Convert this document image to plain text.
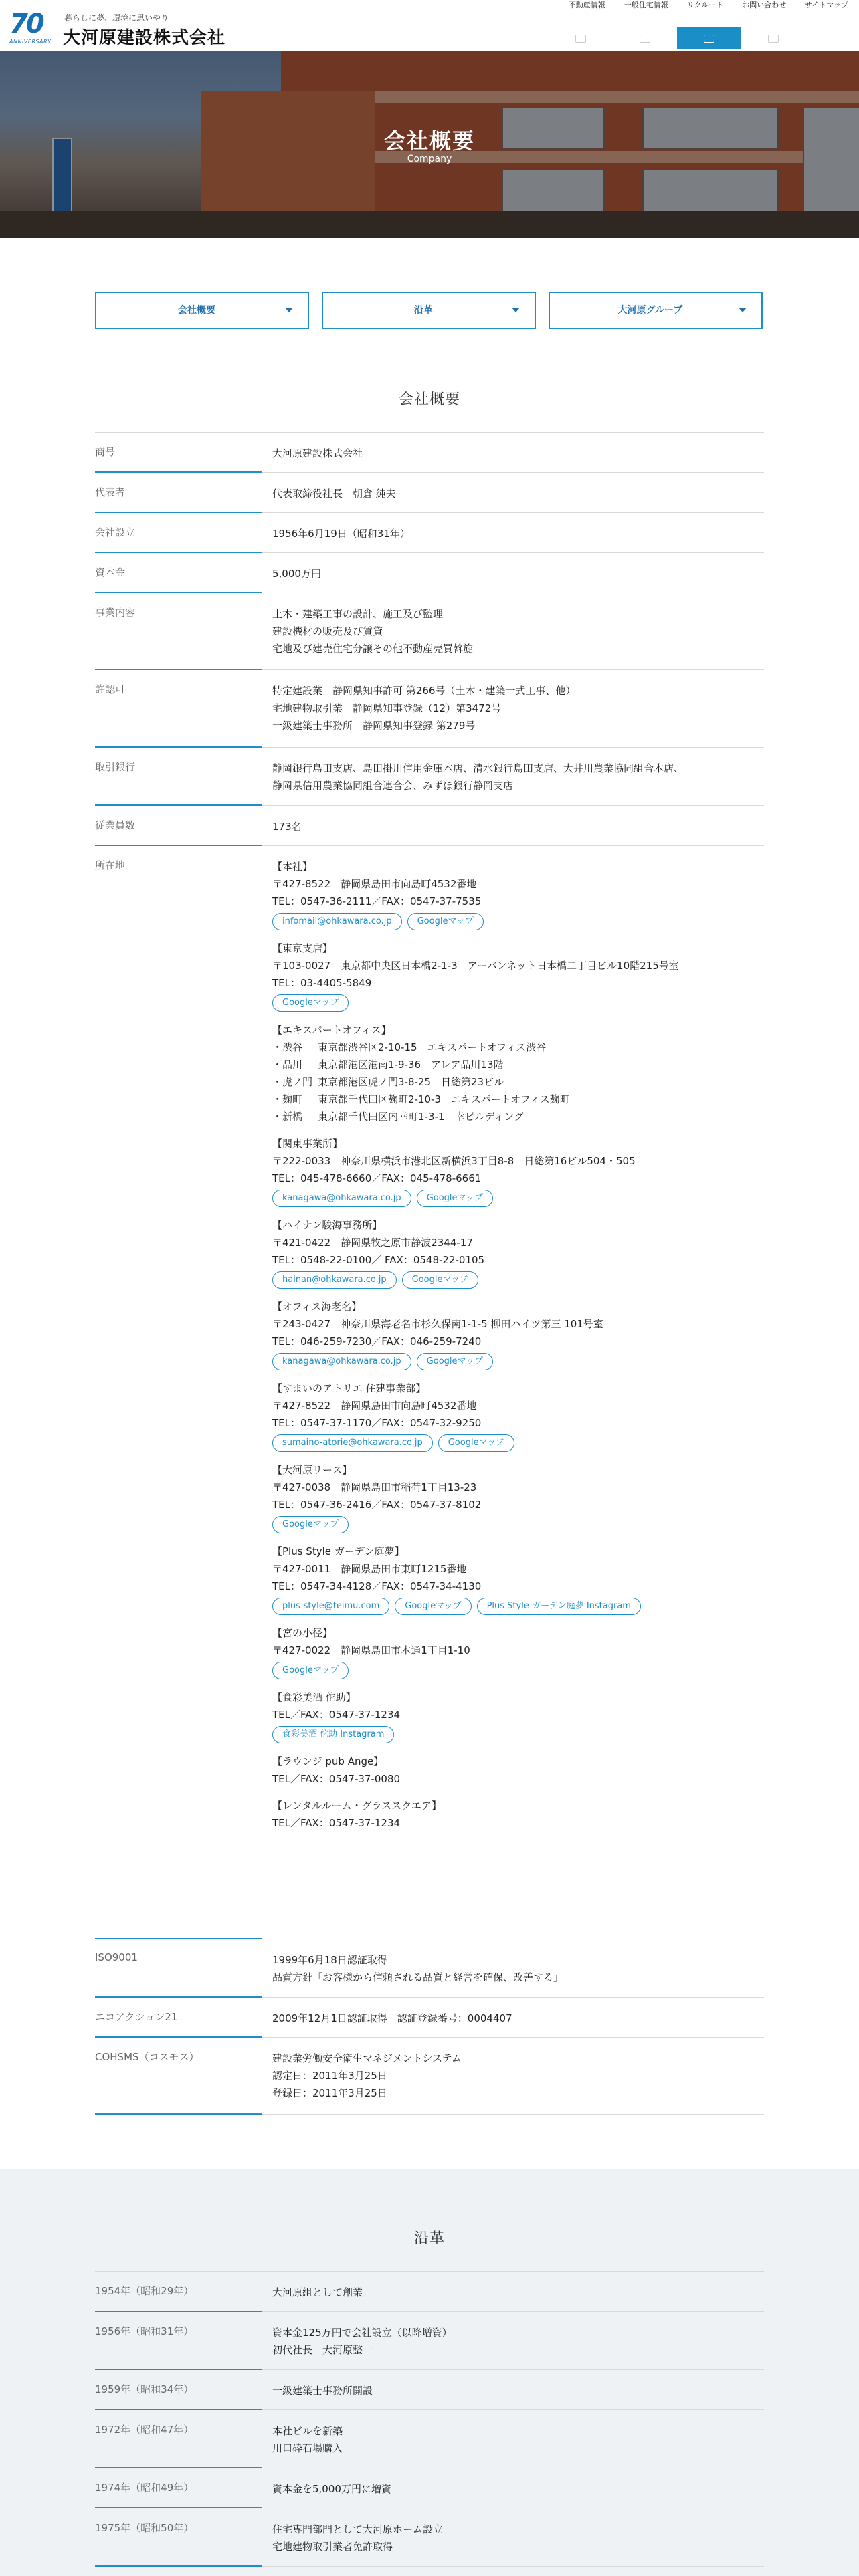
70
ANNIVERSARY
暮らしに夢、環境に思いやり
大河原建設株式会社
不動産情報	一般住宅情報	リクルート	お問い合わせ	サイトマップ
会社概要
Company
会社概要	沿革	大河原グループ
会社概要
商号	大河原建設株式会社
代表者	代表取締役社長　朝倉 純夫
会社設立	1956年6月19日（昭和31年）
資本金	5,000万円
事業内容	土木・建築工事の設計、施工及び監理
建設機材の販売及び賃貸
宅地及び建売住宅分譲その他不動産売買斡旋
許認可	特定建設業　静岡県知事許可 第266号（土木・建築一式工事、他）
宅地建物取引業　静岡県知事登録（12）第3472号
一級建築士事務所　静岡県知事登録 第279号
取引銀行	静岡銀行島田支店、島田掛川信用金庫本店、清水銀行島田支店、大井川農業協同組合本店、
静岡県信用農業協同組合連合会、みずほ銀行静岡支店
従業員数	173名
所在地	【本社】
〒427-8522　静岡県島田市向島町4532番地
TEL：0547-36-2111／FAX：0547-37-7535
infomail@ohkawara.co.jp	Googleマップ
【東京支店】
〒103-0027　東京都中央区日本橋2-1-3　アーバンネット日本橋二丁目ビル10階215号室
TEL：03-4405-5849
Googleマップ
【エキスパートオフィス】
・渋谷	東京都渋谷区2-10-15　エキスパートオフィス渋谷
・品川	東京都港区港南1-9-36　アレア品川13階
・虎ノ門 東京都港区虎ノ門3-8-25　日総第23ビル
・麹町	東京都千代田区麹町2-10-3　エキスパートオフィス麹町
・新橋	東京都千代田区内幸町1-3-1　幸ビルディング
【関東事業所】
〒222-0033　神奈川県横浜市港北区新横浜3丁目8-8　日総第16ビル504・505
TEL：045-478-6660／FAX：045-478-6661
kanagawa@ohkawara.co.jp	Googleマップ
【ハイナン駿海事務所】
〒421-0422　静岡県牧之原市静波2344-17
TEL：0548-22-0100／ FAX：0548-22-0105
hainan@ohkawara.co.jp	Googleマップ
【オフィス海老名】
〒243-0427　神奈川県海老名市杉久保南1-1-5 柳田ハイツ第三 101号室
TEL：046-259-7230／FAX：046-259-7240
kanagawa@ohkawara.co.jp	Googleマップ
【すまいのアトリエ 住建事業部】
〒427-8522　静岡県島田市向島町4532番地
TEL：0547-37-1170／FAX：0547-32-9250
sumaino-atorie@ohkawara.co.jp	Googleマップ
【大河原リース】
〒427-0038　静岡県島田市稲荷1丁目13-23
TEL：0547-36-2416／FAX：0547-37-8102
Googleマップ
【Plus Style ガーデン庭夢】
〒427-0011　静岡県島田市東町1215番地
TEL：0547-34-4128／FAX：0547-34-4130
plus-style@teimu.com	Googleマップ	Plus Style ガーデン庭夢 Instagram
【宮の小径】
〒427-0022　静岡県島田市本通1丁目1-10
Googleマップ
【食彩美酒 佗助】
TEL／FAX：0547-37-1234
食彩美酒 佗助 Instagram
【ラウンジ pub Ange】
TEL／FAX：0547-37-0080
【レンタルルーム・グラススクエア】
TEL／FAX：0547-37-1234
ISO9001	1999年6月18日認証取得
品質方針「お客様から信頼される品質と経営を確保、改善する」
エコアクション21	2009年12月1日認証取得　認証登録番号：0004407
COHSMS（コスモス）	建設業労働安全衛生マネジメントシステム
認定日：2011年3月25日
登録日：2011年3月25日
沿革
1954年（昭和29年）	大河原組として創業
1956年（昭和31年）	資本金125万円で会社設立（以降増資）
初代社長　大河原整一
1959年（昭和34年）	一級建築士事務所開設
1972年（昭和47年）	本社ビルを新築
川口砕石場購入
1974年（昭和49年）	資本金を5,000万円に増資
1975年（昭和50年）	住宅専門部門として大河原ホーム設立
宅地建物取引業者免許取得
